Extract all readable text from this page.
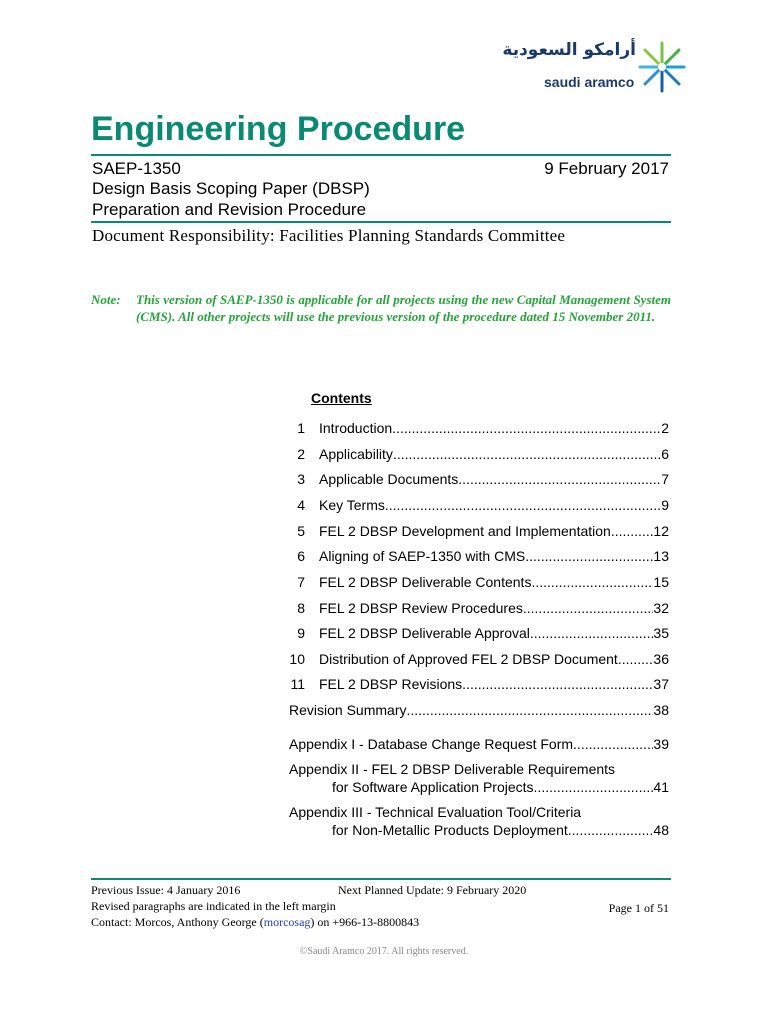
أرامكو السعودية
saudi aramco
Engineering Procedure
SAEP-1350	9 February 2017
Design Basis Scoping Paper (DBSP)
Preparation and Revision Procedure
Document Responsibility: Facilities Planning Standards Committee
Note: This version of SAEP-1350 is applicable for all projects using the new Capital Management System (CMS). All other projects will use the previous version of the procedure dated 15 November 2011.
Contents
1 Introduction .....	2
2 Applicability .....	6
3 Applicable Documents .....	7
4 Key Terms .....	9
5 FEL 2 DBSP Development and Implementation .....	12
6 Aligning of SAEP-1350 with CMS .....	13
7 FEL 2 DBSP Deliverable Contents .....	15
8 FEL 2 DBSP Review Procedures .....	32
9 FEL 2 DBSP Deliverable Approval .....	35
10 Distribution of Approved FEL 2 DBSP Document .....	36
11 FEL 2 DBSP Revisions .....	37
Revision Summary .....	38
Appendix I - Database Change Request Form .....	39
Appendix II - FEL 2 DBSP Deliverable Requirements
for Software Application Projects .....	41
Appendix III - Technical Evaluation Tool/Criteria
for Non-Metallic Products Deployment .....	48
Previous Issue: 4 January 2016	Next Planned Update: 9 February 2020
Revised paragraphs are indicated in the left margin	Page 1 of 51
Contact: Morcos, Anthony George (morcosag) on +966-13-8800843
©Saudi Aramco 2017. All rights reserved.
